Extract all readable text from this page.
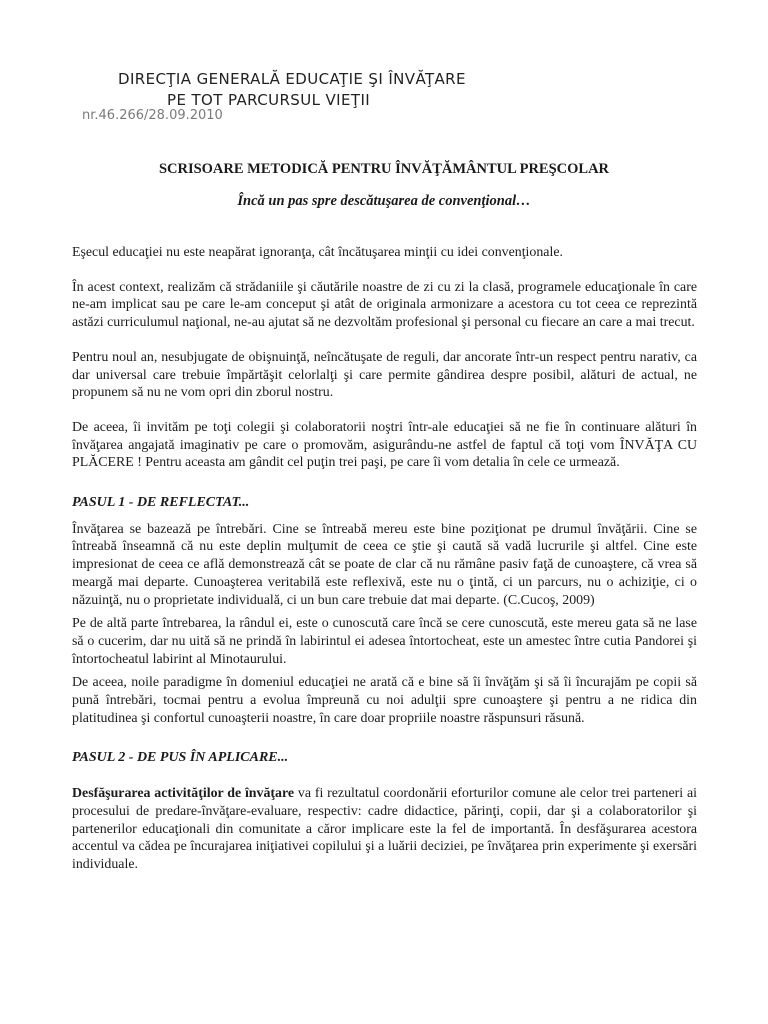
DIRECŢIA GENERALĂ EDUCAŢIE ŞI ÎNVĂŢARE
PE TOT PARCURSUL VIEŢII
nr.46.266/28.09.2010
SCRISOARE METODICĂ PENTRU ÎNVĂŢĂMÂNTUL PREŞCOLAR
Încă un pas spre descătuşarea de convenţional…

Eşecul educaţiei nu este neapărat ignoranţa, cât încătuşarea minţii cu idei convenţionale.

În acest context, realizăm că strădaniile şi căutările noastre de zi cu zi la clasă, programele educaţionale în care ne-am implicat sau pe care le-am conceput şi atât de originala armonizare a acestora cu tot ceea ce reprezintă astăzi curriculumul naţional, ne-au ajutat să ne dezvoltăm profesional şi personal cu fiecare an care a mai trecut.

Pentru noul an, nesubjugate de obişnuinţă, neîncătuşate de reguli, dar ancorate într-un respect pentru narativ, ca dar universal care trebuie împărtăşit celorlalţi şi care permite gândirea despre posibil, alături de actual, ne propunem să nu ne vom opri din zborul nostru.

De aceea, îi invităm pe toţi colegii şi colaboratorii noştri într-ale educaţiei să ne fie în continuare alături în învăţarea angajată imaginativ pe care o promovăm, asigurându-ne astfel de faptul că toţi vom ÎNVĂŢA CU PLĂCERE ! Pentru aceasta am gândit cel puţin trei paşi, pe care îi vom detalia în cele ce urmează.

PASUL 1 - DE REFLECTAT...

Învăţarea se bazează pe întrebări. Cine se întreabă mereu este bine poziţionat pe drumul învăţării. Cine se întreabă înseamnă că nu este deplin mulţumit de ceea ce ştie şi caută să vadă lucrurile şi altfel. Cine este impresionat de ceea ce află demonstrează cât se poate de clar că nu rămâne pasiv faţă de cunoaştere, că vrea să meargă mai departe. Cunoaşterea veritabilă este reflexivă, este nu o ţintă, ci un parcurs, nu o achiziţie, ci o năzuinţă, nu o proprietate individuală, ci un bun care trebuie dat mai departe. (C.Cucoş, 2009)

Pe de altă parte întrebarea, la rândul ei, este o cunoscută care încă se cere cunoscută, este mereu gata să ne lase să o cucerim, dar nu uită să ne prindă în labirintul ei adesea întortocheat, este un amestec între cutia Pandorei şi întortocheatul labirint al Minotaurului.

De aceea, noile paradigme în domeniul educaţiei ne arată că e bine să îi învăţăm şi să îi încurajăm pe copii să pună întrebări, tocmai pentru a evolua împreună cu noi adulţii spre cunoaştere şi pentru a ne ridica din platitudinea şi confortul cunoaşterii noastre, în care doar propriile noastre răspunsuri răsună.

PASUL 2 - DE PUS ÎN APLICARE...

Desfăşurarea activităţilor de învăţare va fi rezultatul coordonării eforturilor comune ale celor trei parteneri ai procesului de predare-învăţare-evaluare, respectiv: cadre didactice, părinţi, copii, dar şi a colaboratorilor şi partenerilor educaţionali din comunitate a căror implicare este la fel de importantă. În desfăşurarea acestora accentul va cădea pe încurajarea iniţiativei copilului şi a luării deciziei, pe învăţarea prin experimente şi exersări individuale.
